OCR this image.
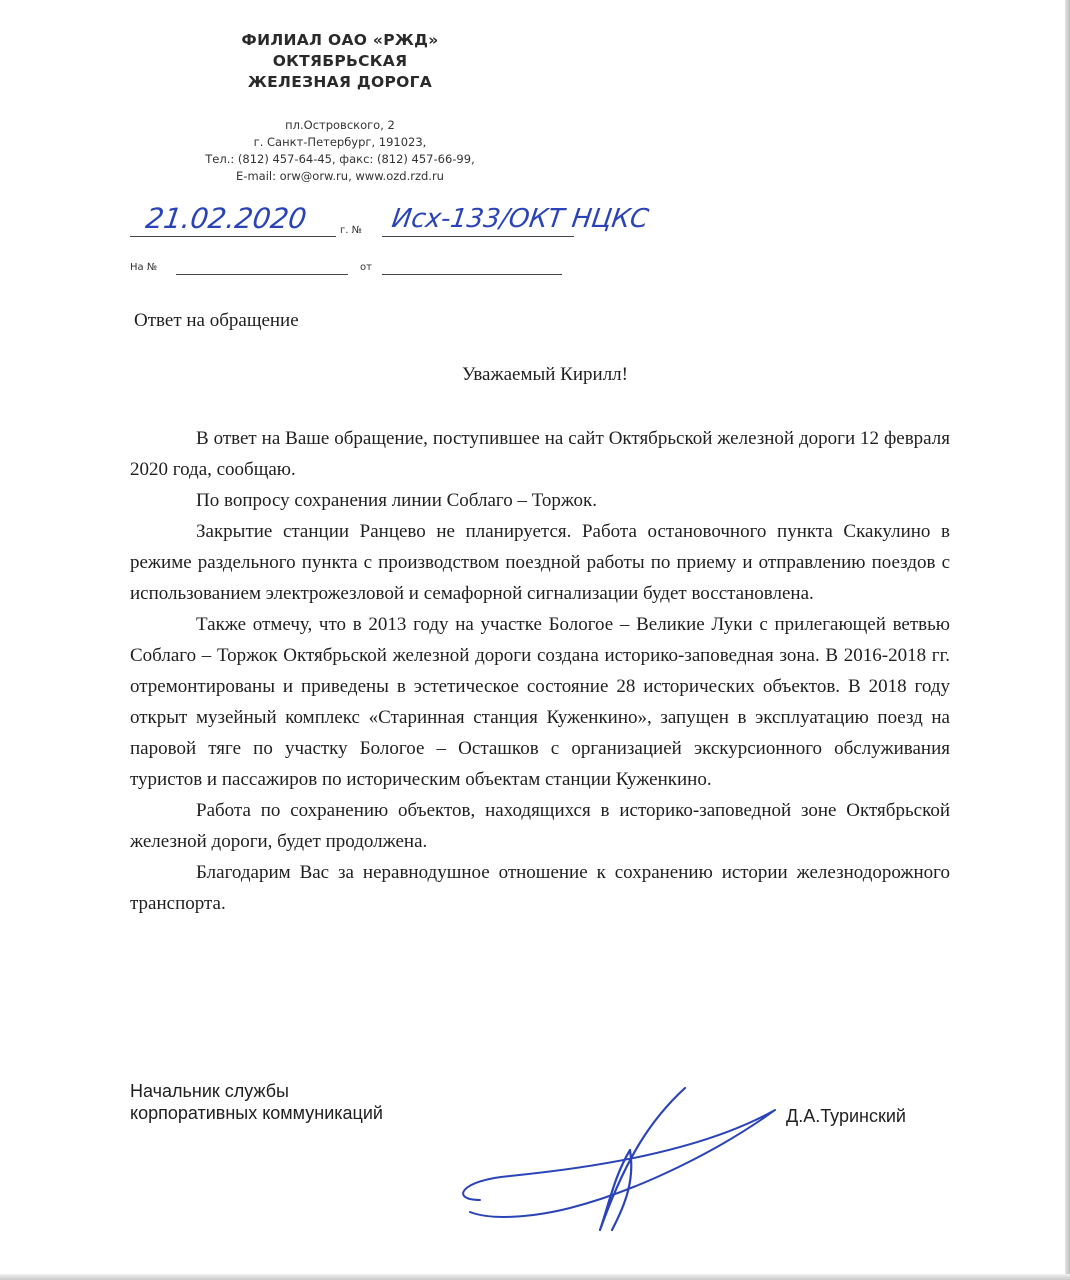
ФИЛИАЛ ОАО «РЖД»
ОКТЯБРЬСКАЯ
ЖЕЛЕЗНАЯ ДОРОГА
пл.Островского, 2
г. Санкт-Петербург, 191023,
Тел.: (812) 457-64-45, факс: (812) 457-66-99,
E-mail: orw@orw.ru, www.ozd.rzd.ru
21.02.2020	г. № Исх-133/ОКТ НЦКС
На №	от
Ответ на обращение
Уважаемый Кирилл!

В ответ на Ваше обращение, поступившее на сайт Октябрьской железной дороги 12 февраля 2020 года, сообщаю.

По вопросу сохранения линии Соблаго – Торжок.

Закрытие станции Ранцево не планируется. Работа остановочного пункта Скакулино в режиме раздельного пункта с производством поездной работы по приему и отправлению поездов с использованием электрожезловой и семафорной сигнализации будет восстановлена.

Также отмечу, что в 2013 году на участке Бологое – Великие Луки с прилегающей ветвью Соблаго – Торжок Октябрьской железной дороги создана историко-заповедная зона. В 2016-2018 гг. отремонтированы и приведены в эстетическое состояние 28 исторических объектов. В 2018 году открыт музейный комплекс «Старинная станция Куженкино», запущен в эксплуатацию поезд на паровой тяге по участку Бологое – Осташков с организацией экскурсионного обслуживания туристов и пассажиров по историческим объектам станции Куженкино.

Работа по сохранению объектов, находящихся в историко-заповедной зоне Октябрьской железной дороги, будет продолжена.

Благодарим Вас за неравнодушное отношение к сохранению истории железнодорожного транспорта.

Начальник службы
корпоративных коммуникаций	Д.А.Туринский
